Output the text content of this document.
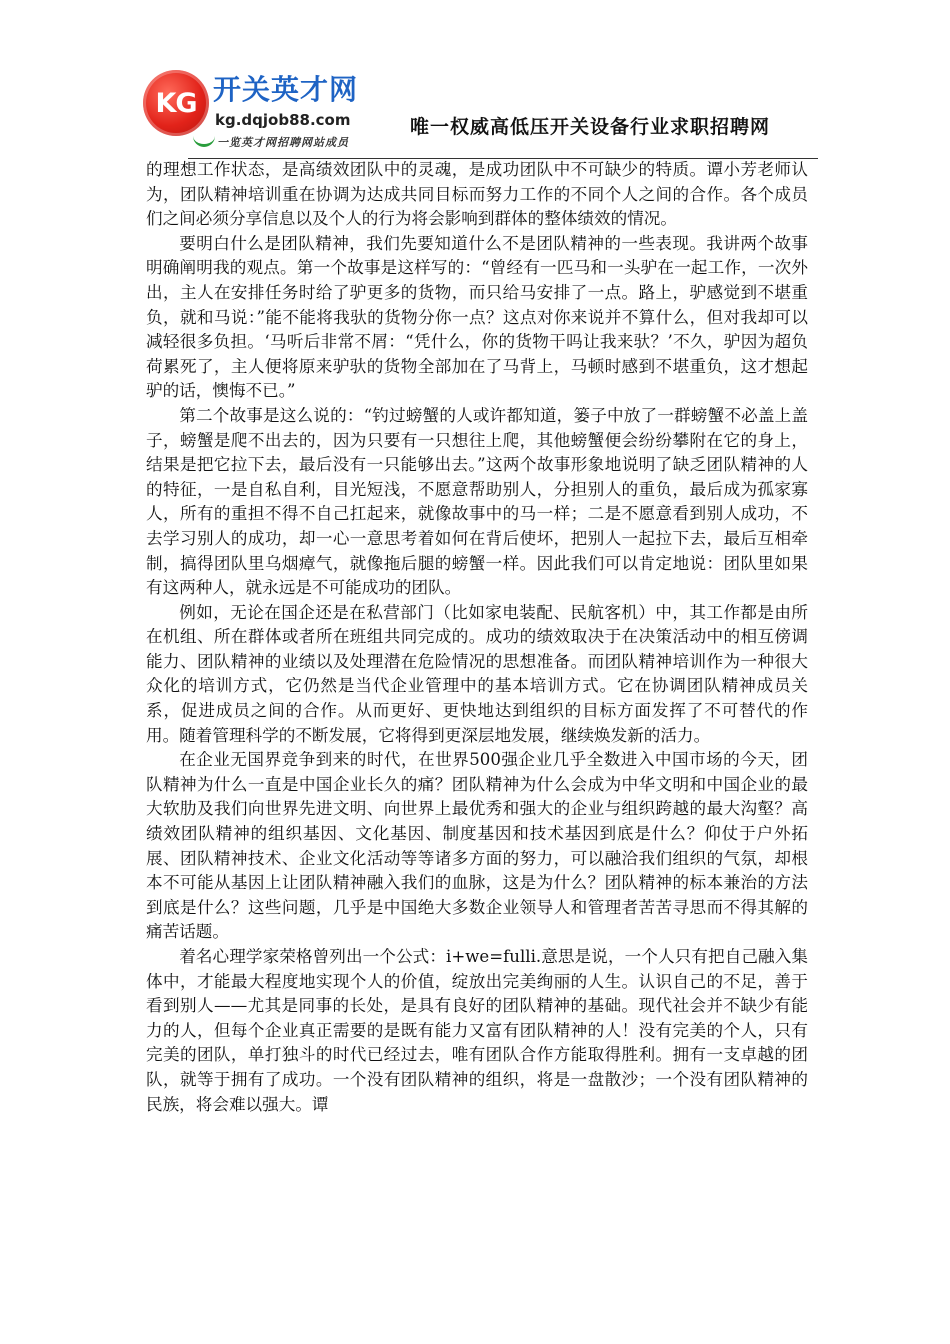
KG 开关英才网
kg.dqjob88.com
一览英才网招聘网站成员
唯一权威高低压开关设备行业求职招聘网

的理想工作状态，是高绩效团队中的灵魂，是成功团队中不可缺少的特质。谭小芳老师认为，团队精神培训重在协调为达成共同目标而努力工作的不同个人之间的合作。各个成员们之间必须分享信息以及个人的行为将会影响到群体的整体绩效的情况。

要明白什么是团队精神，我们先要知道什么不是团队精神的一些表现。我讲两个故事明确阐明我的观点。第一个故事是这样写的：“曾经有一匹马和一头驴在一起工作，一次外出，主人在安排任务时给了驴更多的货物，而只给马安排了一点。路上，驴感觉到不堪重负，就和马说：”能不能将我驮的货物分你一点？这点对你来说并不算什么，但对我却可以减轻很多负担。‘马听后非常不屑：“凭什么，你的货物干吗让我来驮？’不久，驴因为超负荷累死了，主人便将原来驴驮的货物全部加在了马背上，马顿时感到不堪重负，这才想起驴的话，懊悔不已。”

第二个故事是这么说的：“钓过螃蟹的人或许都知道，篓子中放了一群螃蟹不必盖上盖子，螃蟹是爬不出去的，因为只要有一只想往上爬，其他螃蟹便会纷纷攀附在它的身上，结果是把它拉下去，最后没有一只能够出去。”这两个故事形象地说明了缺乏团队精神的人的特征，一是自私自利，目光短浅，不愿意帮助别人，分担别人的重负，最后成为孤家寡人，所有的重担不得不自己扛起来，就像故事中的马一样；二是不愿意看到别人成功，不去学习别人的成功，却一心一意思考着如何在背后使坏，把别人一起拉下去，最后互相牵制，搞得团队里乌烟瘴气，就像拖后腿的螃蟹一样。因此我们可以肯定地说：团队里如果有这两种人，就永远是不可能成功的团队。

例如，无论在国企还是在私营部门（比如家电装配、民航客机）中，其工作都是由所在机组、所在群体或者所在班组共同完成的。成功的绩效取决于在决策活动中的相互傍调能力、团队精神的业绩以及处理潜在危险情况的思想准备。而团队精神培训作为一种很大众化的培训方式，它仍然是当代企业管理中的基本培训方式。它在协调团队精神成员关系，促进成员之间的合作。从而更好、更快地达到组织的目标方面发挥了不可替代的作用。随着管理科学的不断发展，它将得到更深层地发展，继续焕发新的活力。

在企业无国界竞争到来的时代，在世界500强企业几乎全数进入中国市场的今天，团队精神为什么一直是中国企业长久的痛？团队精神为什么会成为中华文明和中国企业的最大软肋及我们向世界先进文明、向世界上最优秀和强大的企业与组织跨越的最大沟壑？高绩效团队精神的组织基因、文化基因、制度基因和技术基因到底是什么？仰仗于户外拓展、团队精神技术、企业文化活动等等诸多方面的努力，可以融洽我们组织的气氛，却根本不可能从基因上让团队精神融入我们的血脉，这是为什么？团队精神的标本兼治的方法到底是什么？这些问题，几乎是中国绝大多数企业领导人和管理者苦苦寻思而不得其解的痛苦话题。

着名心理学家荣格曾列出一个公式：i+we=fulli.意思是说，一个人只有把自己融入集体中，才能最大程度地实现个人的价值，绽放出完美绚丽的人生。认识自己的不足，善于看到别人——尤其是同事的长处，是具有良好的团队精神的基础。现代社会并不缺少有能力的人，但每个企业真正需要的是既有能力又富有团队精神的人！没有完美的个人，只有完美的团队，单打独斗的时代已经过去，唯有团队合作方能取得胜利。拥有一支卓越的团队，就等于拥有了成功。一个没有团队精神的组织，将是一盘散沙；一个没有团队精神的民族，将会难以强大。谭
